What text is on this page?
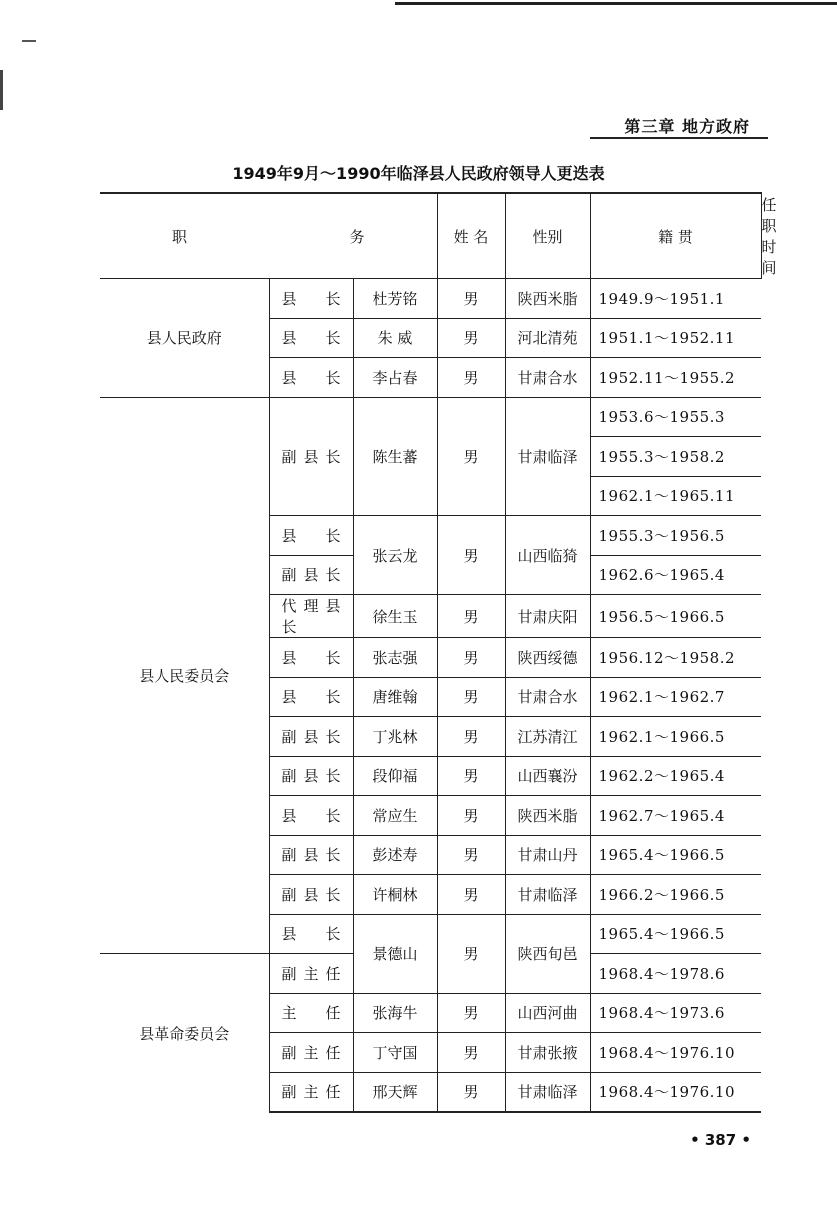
第三章 地方政府
1949年9月～1990年临泽县人民政府领导人更迭表
职务			姓 名	性别	籍 贯	任 职 时 间
县人民政府	县长	杜芳铭	男	陕西米脂	1949.9～1951.1	
	县长	朱 威	男	河北清苑	1951.1～1952.11	
	县长	李占春	男	甘肃合水	1952.11～1955.2	
县人民委员会	副县长	陈生蕃	男	甘肃临泽	1953.6～1955.3	
					1955.3～1958.2	
					1962.1～1965.11	
	县长	张云龙	男	山西临猗	1955.3～1956.5	
	副县长				1962.6～1965.4	
	代理县长	徐生玉	男	甘肃庆阳	1956.5～1966.5	
	县长	张志强	男	陕西绥德	1956.12～1958.2	
	县长	唐维翰	男	甘肃合水	1962.1～1962.7	
	副县长	丁兆林	男	江苏清江	1962.1～1966.5	
	副县长	段仰福	男	山西襄汾	1962.2～1965.4	
	县长	常应生	男	陕西米脂	1962.7～1965.4	
	副县长	彭述寿	男	甘肃山丹	1965.4～1966.5	
	副县长	许桐林	男	甘肃临泽	1966.2～1966.5	
	县长	景德山	男	陕西旬邑	1965.4～1966.5	
县革命委员会	副主任				1968.4～1978.6	
	主任	张海牛	男	山西河曲	1968.4～1973.6	
	副主任	丁守国	男	甘肃张掖	1968.4～1976.10	
	副主任	邢天辉	男	甘肃临泽	1968.4～1976.10	
• 387 •
